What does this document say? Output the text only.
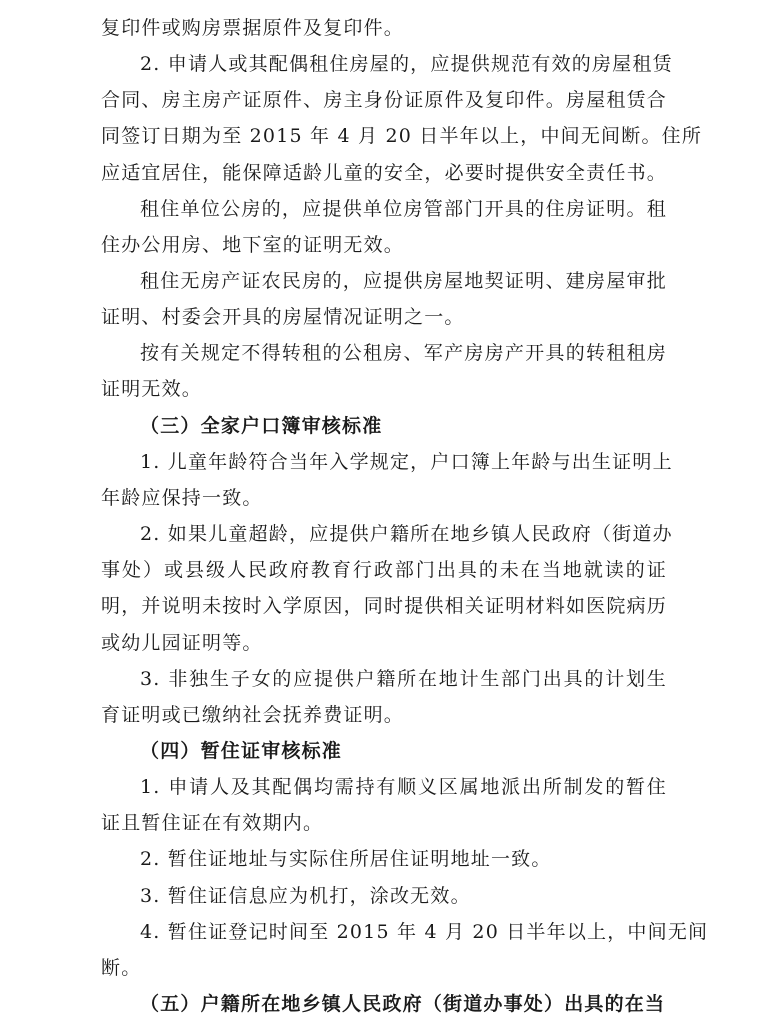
复印件或购房票据原件及复印件。
2. 申请人或其配偶租住房屋的，应提供规范有效的房屋租赁
合同、房主房产证原件、房主身份证原件及复印件。房屋租赁合
同签订日期为至 2015 年 4 月 20 日半年以上，中间无间断。住所
应适宜居住，能保障适龄儿童的安全，必要时提供安全责任书。
租住单位公房的，应提供单位房管部门开具的住房证明。租
住办公用房、地下室的证明无效。
租住无房产证农民房的，应提供房屋地契证明、建房屋审批
证明、村委会开具的房屋情况证明之一。
按有关规定不得转租的公租房、军产房房产开具的转租租房
证明无效。
（三）全家户口簿审核标准
1. 儿童年龄符合当年入学规定，户口簿上年龄与出生证明上
年龄应保持一致。
2. 如果儿童超龄，应提供户籍所在地乡镇人民政府（街道办
事处）或县级人民政府教育行政部门出具的未在当地就读的证
明，并说明未按时入学原因，同时提供相关证明材料如医院病历
或幼儿园证明等。
3. 非独生子女的应提供户籍所在地计生部门出具的计划生
育证明或已缴纳社会抚养费证明。
（四）暂住证审核标准
1. 申请人及其配偶均需持有顺义区属地派出所制发的暂住
证且暂住证在有效期内。
2. 暂住证地址与实际住所居住证明地址一致。
3. 暂住证信息应为机打，涂改无效。
4. 暂住证登记时间至 2015 年 4 月 20 日半年以上，中间无间
断。
（五）户籍所在地乡镇人民政府（街道办事处）出具的在当
